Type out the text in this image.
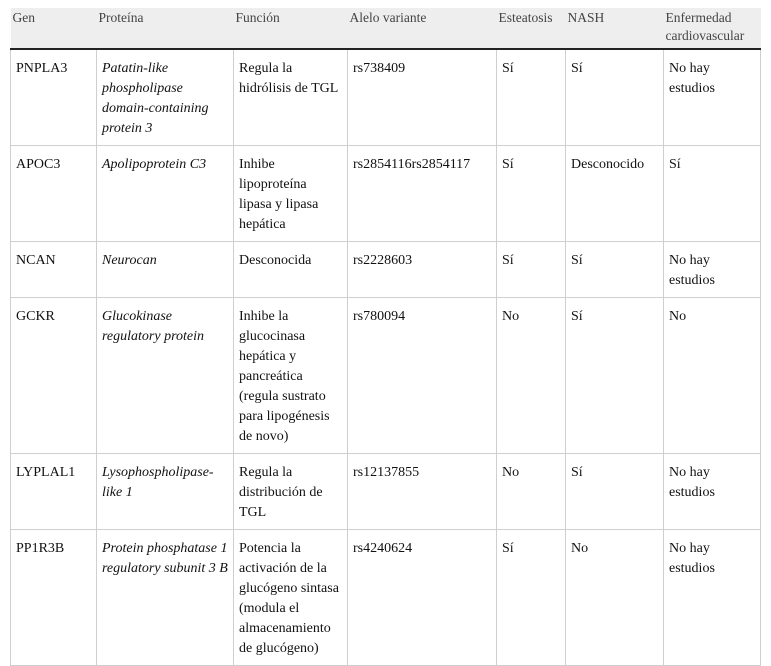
Gen	Proteína	Función	Alelo variante	Esteatosis	NASH	Enfermedad cardiovascular
PNPLA3	Patatin-like phospholipase domain-containing protein 3	Regula la hidrólisis de TGL	rs738409	Sí	Sí	No hay estudios
APOC3	Apolipoprotein C3	Inhibe lipoproteína lipasa y lipasa hepática	rs2854116rs2854117	Sí	Desconocido	Sí
NCAN	Neurocan	Desconocida	rs2228603	Sí	Sí	No hay estudios
GCKR	Glucokinase regulatory protein	Inhibe la glucocinasa hepática y pancreática (regula sustrato para lipogénesis de novo)	rs780094	No	Sí	No
LYPLAL1	Lysophospholipase-like 1	Regula la distribución de TGL	rs12137855	No	Sí	No hay estudios
PP1R3B	Protein phosphatase 1 regulatory subunit 3 B	Potencia la activación de la glucógeno sintasa (modula el almacenamiento de glucógeno)	rs4240624	Sí	No	No hay estudios
